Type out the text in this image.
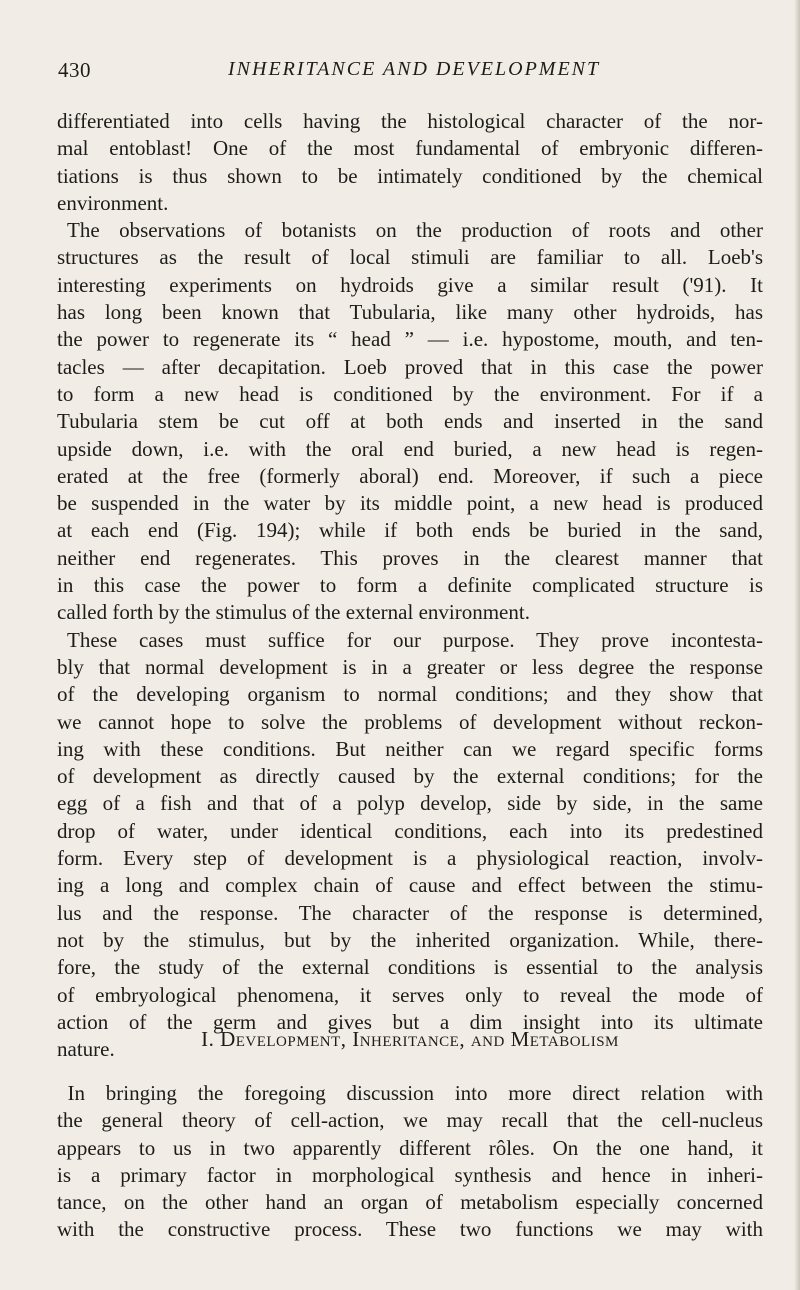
430	INHERITANCE AND DEVELOPMENT

differentiated into cells having the histological character of the nor-
mal entoblast! One of the most fundamental of embryonic differen-
tiations is thus shown to be intimately conditioned by the chemical
environment.

The observations of botanists on the production of roots and other
structures as the result of local stimuli are familiar to all. Loeb's
interesting experiments on hydroids give a similar result ('91). It
has long been known that Tubularia, like many other hydroids, has
the power to regenerate its “ head ” — i.e. hypostome, mouth, and ten-
tacles — after decapitation. Loeb proved that in this case the power
to form a new head is conditioned by the environment. For if a
Tubularia stem be cut off at both ends and inserted in the sand
upside down, i.e. with the oral end buried, a new head is regen-
erated at the free (formerly aboral) end. Moreover, if such a piece
be suspended in the water by its middle point, a new head is produced
at each end (Fig. 194); while if both ends be buried in the sand,
neither end regenerates. This proves in the clearest manner that
in this case the power to form a definite complicated structure is
called forth by the stimulus of the external environment.

These cases must suffice for our purpose. They prove incontesta-
bly that normal development is in a greater or less degree the response
of the developing organism to normal conditions; and they show that
we cannot hope to solve the problems of development without reckon-
ing with these conditions. But neither can we regard specific forms
of development as directly caused by the external conditions; for the
egg of a fish and that of a polyp develop, side by side, in the same
drop of water, under identical conditions, each into its predestined
form. Every step of development is a physiological reaction, involv-
ing a long and complex chain of cause and effect between the stimu-
lus and the response. The character of the response is determined,
not by the stimulus, but by the inherited organization. While, there-
fore, the study of the external conditions is essential to the analysis
of embryological phenomena, it serves only to reveal the mode of
action of the germ and gives but a dim insight into its ultimate
nature.	I. Development, Inheritance, and Metabolism

In bringing the foregoing discussion into more direct relation with
the general theory of cell-action, we may recall that the cell-nucleus
appears to us in two apparently different rôles. On the one hand, it
is a primary factor in morphological synthesis and hence in inheri-
tance, on the other hand an organ of metabolism especially concerned
with the constructive process. These two functions we may with
